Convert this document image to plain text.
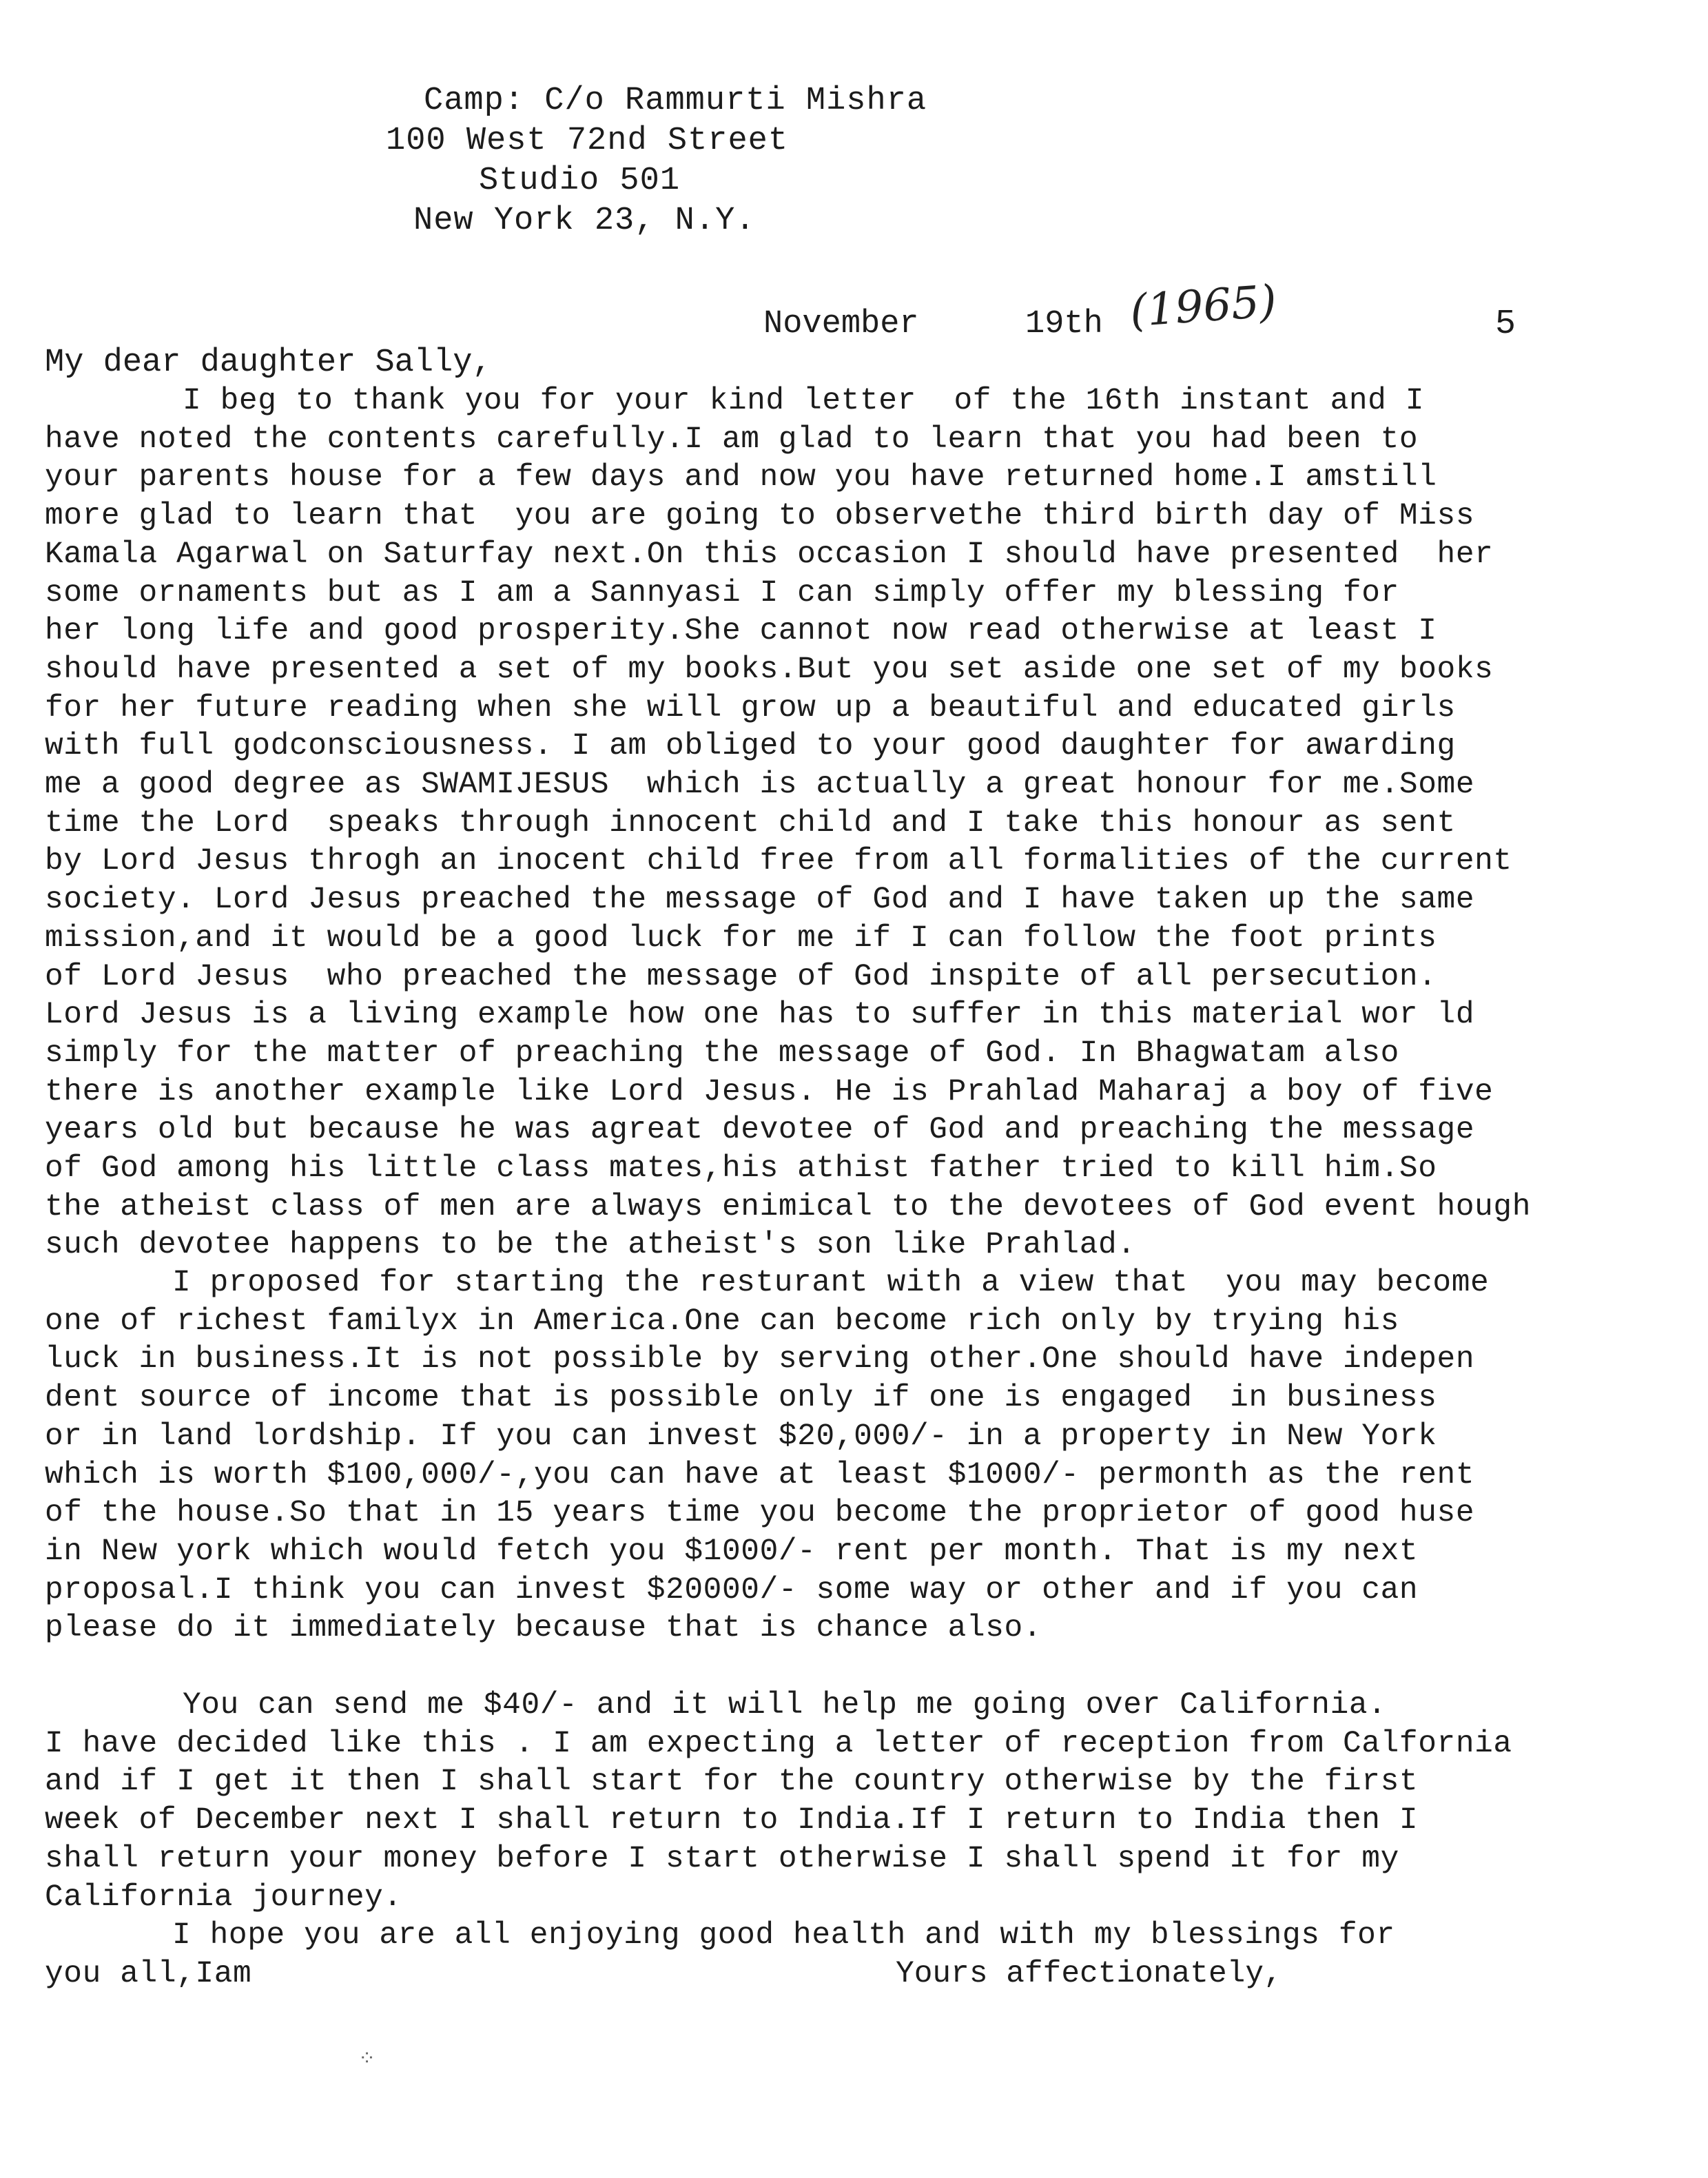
Camp: C/o Rammurti Mishra
100 West 72nd Street
Studio 501
New York 23, N.Y.
November	19th (1965)	5
My dear daughter Sally,
I beg to thank you for your kind letter  of the 16th instant and I
have noted the contents carefully.I am glad to learn that you had been to
your parents house for a few days and now you have returned home.I amstill
more glad to learn that  you are going to observethe third birth day of Miss
Kamala Agarwal on Saturfay next.On this occasion I should have presented  her
some ornaments but as I am a Sannyasi I can simply offer my blessing for
her long life and good prosperity.She cannot now read otherwise at least I
should have presented a set of my books.But you set aside one set of my books
for her future reading when she will grow up a beautiful and educated girls
with full godconsciousness. I am obliged to your good daughter for awarding
me a good degree as SWAMIJESUS  which is actually a great honour for me.Some
time the Lord  speaks through innocent child and I take this honour as sent
by Lord Jesus throgh an inocent child free from all formalities of the current
society. Lord Jesus preached the message of God and I have taken up the same
mission,and it would be a good luck for me if I can follow the foot prints
of Lord Jesus  who preached the message of God inspite of all persecution.
Lord Jesus is a living example how one has to suffer in this material wor ld
simply for the matter of preaching the message of God. In Bhagwatam also
there is another example like Lord Jesus. He is Prahlad Maharaj a boy of five
years old but because he was agreat devotee of God and preaching the message
of God among his little class mates,his athist father tried to kill him.So
the atheist class of men are always enimical to the devotees of God event hough
such devotee happens to be the atheist's son like Prahlad.
I proposed for starting the resturant with a view that  you may become
one of richest familyx in America.One can become rich only by trying his
luck in business.It is not possible by serving other.One should have indepen
dent source of income that is possible only if one is engaged  in business
or in land lordship. If you can invest $20,000/- in a property in New York
which is worth $100,000/-,you can have at least $1000/- permonth as the rent
of the house.So that in 15 years time you become the proprietor of good huse
in New york which would fetch you $1000/- rent per month. That is my next
proposal.I think you can invest $20000/- some way or other and if you can
please do it immediately because that is chance also.
You can send me $40/- and it will help me going over California.
I have decided like this . I am expecting a letter of reception from Calfornia
and if I get it then I shall start for the country otherwise by the first
week of December next I shall return to India.If I return to India then I
shall return your money before I start otherwise I shall spend it for my
California journey.
I hope you are all enjoying good health and with my blessings for
you all,Iam	Yours affectionately,
⁘
